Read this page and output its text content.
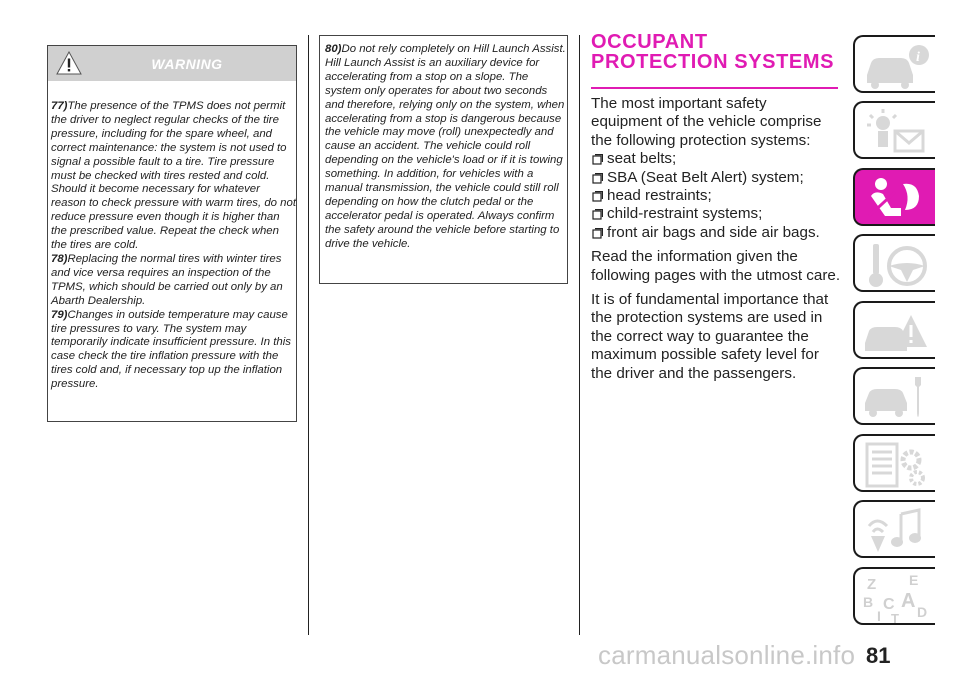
WARNING

77)The presence of the TPMS does not permit the driver to neglect regular checks of the tire pressure, including for the spare wheel, and correct maintenance: the system is not used to signal a possible fault to a tire. Tire pressure must be checked with tires rested and cold. Should it become necessary for whatever reason to check pressure with warm tires, do not reduce pressure even though it is higher than the prescribed value. Repeat the check when the tires are cold.

78)Replacing the normal tires with winter tires and vice versa requires an inspection of the TPMS, which should be carried out only by an Abarth Dealership.

79)Changes in outside temperature may cause tire pressures to vary. The system may temporarily indicate insufficient pressure. In this case check the tire inflation pressure with the tires cold and, if necessary top up the inflation pressure.

80)Do not rely completely on Hill Launch Assist. Hill Launch Assist is an auxiliary device for accelerating from a stop on a slope. The system only operates for about two seconds and therefore, relying only on the system, when accelerating from a stop is dangerous because the vehicle may move (roll) unexpectedly and cause an accident. The vehicle could roll depending on the vehicle's load or if it is towing something. In addition, for vehicles with a manual transmission, the vehicle could still roll depending on how the clutch pedal or the accelerator pedal is operated. Always confirm the safety around the vehicle before starting to drive the vehicle.
OCCUPANT PROTECTION SYSTEMS

The most important safety equipment of the vehicle comprise the following protection systems:

seat belts;
SBA (Seat Belt Alert) system;
head restraints;
child-restraint systems;
front air bags and side air bags.

Read the information given the following pages with the utmost care.

It is of fundamental importance that the protection systems are used in the correct way to guarantee the maximum possible safety level for the driver and the passengers.

i
Z E
B C A D
I T
81
carmanualsonline.info
